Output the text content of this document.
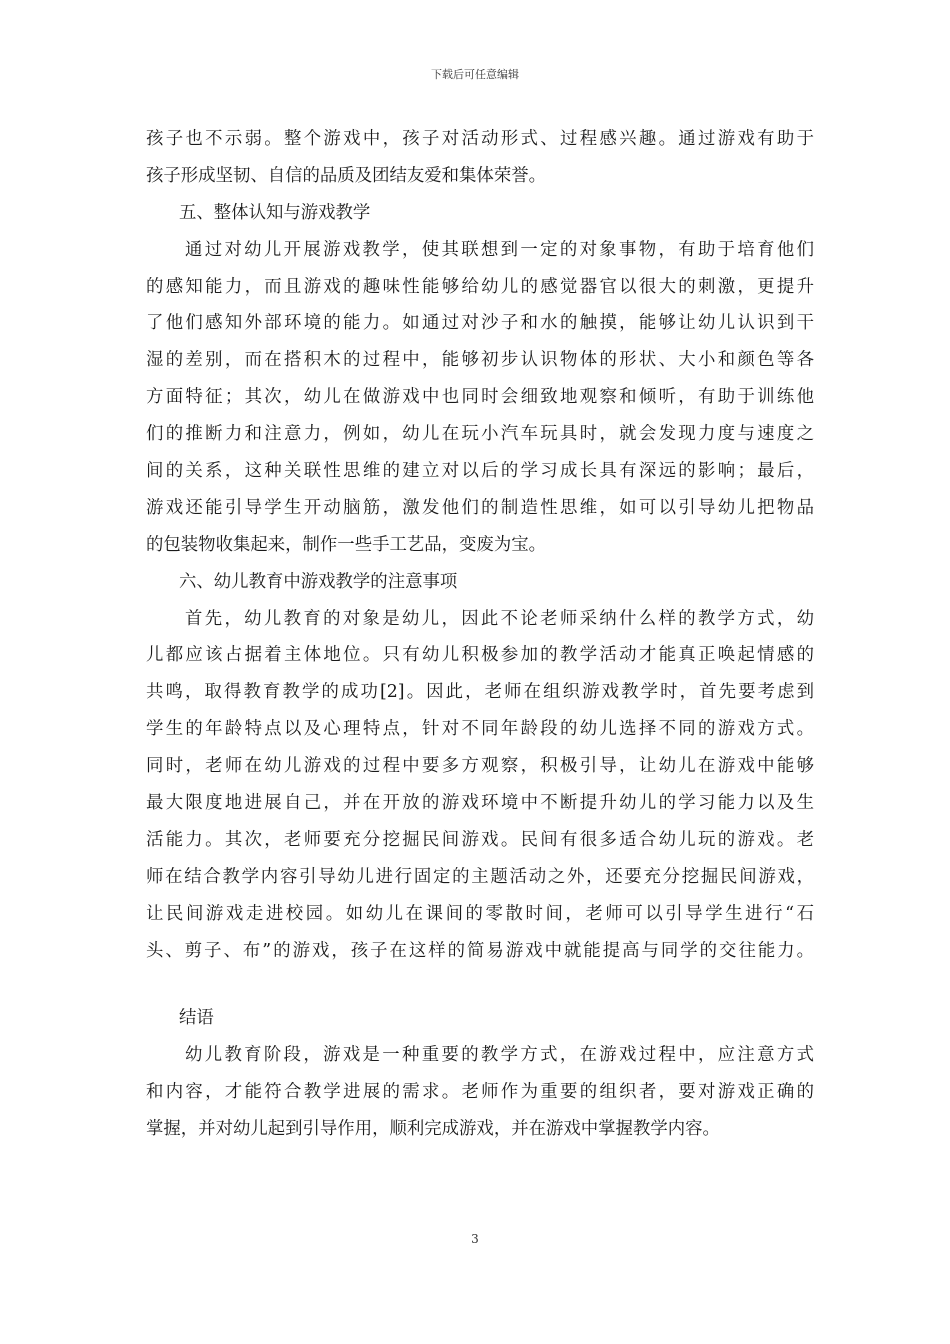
下载后可任意编辑
孩子也不示弱。整个游戏中，孩子对活动形式、过程感兴趣。通过游戏有助于
孩子形成坚韧、自信的品质及团结友爱和集体荣誉。
五、整体认知与游戏教学
通过对幼儿开展游戏教学，使其联想到一定的对象事物，有助于培育他们
的感知能力，而且游戏的趣味性能够给幼儿的感觉器官以很大的刺激，更提升
了他们感知外部环境的能力。如通过对沙子和水的触摸，能够让幼儿认识到干
湿的差别，而在搭积木的过程中，能够初步认识物体的形状、大小和颜色等各
方面特征；其次，幼儿在做游戏中也同时会细致地观察和倾听，有助于训练他
们的推断力和注意力，例如，幼儿在玩小汽车玩具时，就会发现力度与速度之
间的关系，这种关联性思维的建立对以后的学习成长具有深远的影响；最后，
游戏还能引导学生开动脑筋，激发他们的制造性思维，如可以引导幼儿把物品
的包装物收集起来，制作一些手工艺品，变废为宝。
六、幼儿教育中游戏教学的注意事项
首先，幼儿教育的对象是幼儿，因此不论老师采纳什么样的教学方式，幼
儿都应该占据着主体地位。只有幼儿积极参加的教学活动才能真正唤起情感的
共鸣，取得教育教学的成功[2]。因此，老师在组织游戏教学时，首先要考虑到
学生的年龄特点以及心理特点，针对不同年龄段的幼儿选择不同的游戏方式。
同时，老师在幼儿游戏的过程中要多方观察，积极引导，让幼儿在游戏中能够
最大限度地进展自己，并在开放的游戏环境中不断提升幼儿的学习能力以及生
活能力。其次，老师要充分挖掘民间游戏。民间有很多适合幼儿玩的游戏。老
师在结合教学内容引导幼儿进行固定的主题活动之外，还要充分挖掘民间游戏，
让民间游戏走进校园。如幼儿在课间的零散时间，老师可以引导学生进行“石
头、剪子、布”的游戏，孩子在这样的简易游戏中就能提高与同学的交往能力。
结语
幼儿教育阶段，游戏是一种重要的教学方式，在游戏过程中，应注意方式
和内容，才能符合教学进展的需求。老师作为重要的组织者，要对游戏正确的
掌握，并对幼儿起到引导作用，顺利完成游戏，并在游戏中掌握教学内容。
3
